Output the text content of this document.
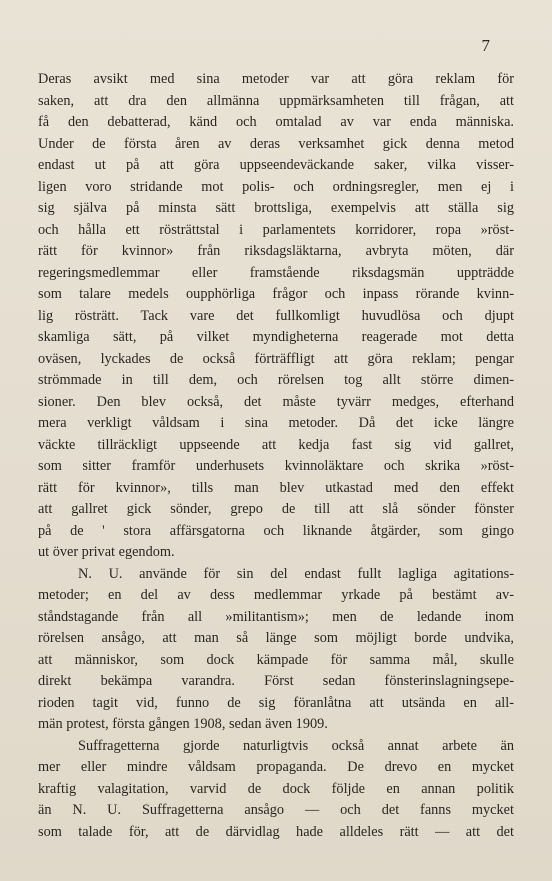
7
Deras avsikt med sina metoder var att göra reklam för
saken, att dra den allmänna uppmärksamheten till frågan, att
få den debatterad, känd och omtalad av var enda människa.
Under de första åren av deras verksamhet gick denna metod
endast ut på att göra uppseendeväckande saker, vilka visser-
ligen voro stridande mot polis- och ordningsregler, men ej i
sig själva på minsta sätt brottsliga, exempelvis att ställa sig
och hålla ett rösträttstal i parlamentets korridorer, ropa »röst-
rätt för kvinnor» från riksdagsläktarna, avbryta möten, där
regeringsmedlemmar eller framstående riksdagsmän uppträdde
som talare medels oupphörliga frågor och inpass rörande kvinn-
lig rösträtt. Tack vare det fullkomligt huvudlösa och djupt
skamliga sätt, på vilket myndigheterna reagerade mot detta
oväsen, lyckades de också förträffligt att göra reklam; pengar
strömmade in till dem, och rörelsen tog allt större dimen-
sioner. Den blev också, det måste tyvärr medges, efterhand
mera verkligt våldsam i sina metoder. Då det icke längre
väckte tillräckligt uppseende att kedja fast sig vid gallret,
som sitter framför underhusets kvinnoläktare och skrika »röst-
rätt för kvinnor», tills man blev utkastad med den effekt
att gallret gick sönder, grepo de till att slå sönder fönster
på de ' stora affärsgatorna och liknande åtgärder, som gingo
ut över privat egendom.
N. U. använde för sin del endast fullt lagliga agitations-
metoder; en del av dess medlemmar yrkade på bestämt av-
ståndstagande från all »militantism»; men de ledande inom
rörelsen ansågo, att man så länge som möjligt borde undvika,
att människor, som dock kämpade för samma mål, skulle
direkt bekämpa varandra. Först sedan fönsterinslagningsepe-
rioden tagit vid, funno de sig föranlåtna att utsända en all-
män protest, första gången 1908, sedan även 1909.
Suffragetterna gjorde naturligtvis också annat arbete än
mer eller mindre våldsam propaganda. De drevo en mycket
kraftig valagitation, varvid de dock följde en annan politik
än N. U. Suffragetterna ansågo — och det fanns mycket
som talade för, att de därvidlag hade alldeles rätt — att det
